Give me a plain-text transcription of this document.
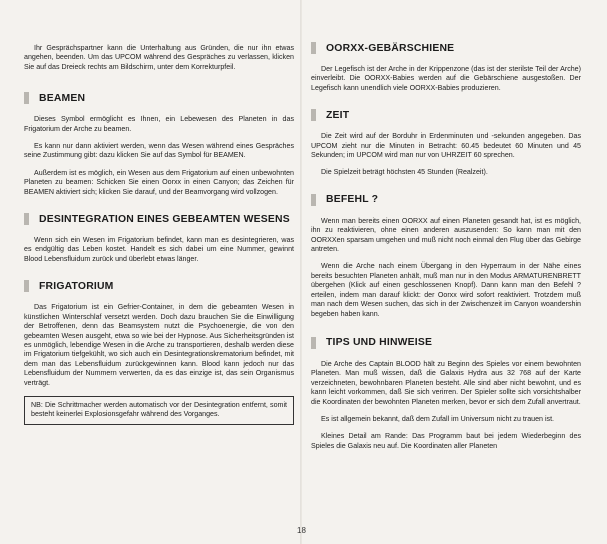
Ihr Gesprächspartner kann die Unterhaltung aus Gründen, die nur ihn etwas angehen, beenden. Um das UPCOM während des Gespräches zu verlassen, klicken Sie auf das Dreieck rechts am Bildschirm, unter dem Korrekturpfeil.

BEAMEN

Dieses Symbol ermöglicht es Ihnen, ein Lebewesen des Planeten in das Frigatorium der Arche zu beamen.

Es kann nur dann aktiviert werden, wenn das Wesen während eines Gespräches seine Zustimmung gibt: dazu klicken Sie auf das Symbol für BEAMEN.

Außerdem ist es möglich, ein Wesen aus dem Frigatorium auf einen unbewohnten Planeten zu beamen: Schicken Sie einen Oorxx in einen Canyon; das Zeichen für BEAMEN aktiviert sich; klicken Sie darauf, und der Beamvorgang wird vollzogen.

DESINTEGRATION EINES GEBEAMTEN WESENS

Wenn sich ein Wesen im Frigatorium befindet, kann man es desintegrieren, was es endgültig das Leben kostet. Handelt es sich dabei um eine Nummer, gewinnt Blood Lebensfluidum zurück und überlebt etwas länger.

FRIGATORIUM

Das Frigatorium ist ein Gefrier-Container, in dem die gebeamten Wesen in künstlichen Winterschlaf versetzt werden. Doch dazu brauchen Sie die Einwilligung der Betroffenen, denn das Beamsystem nutzt die Psychoenergie, die von den gebeamten Wesen ausgeht, etwa so wie bei der Hypnose. Aus Sicherheitsgründen ist es unmöglich, lebendige Wesen in die Arche zu transportieren, deshalb werden diese im Frigatorium tiefgekühlt, wo sich auch ein Desintegrationskrematorium befindet, mit dem man das Lebensfluidum zurückgewinnen kann. Blood kann jedoch nur das Lebensfluidum der Nummern verwerten, da es das einzige ist, das sein Organismus verträgt.

NB: Die Schrittmacher werden automatisch vor der Desintegration entfernt, somit besteht keinerlei Explosionsgefahr während des Vorganges.
OORXX-GEBÄRSCHIENE

Der Legefisch ist der Arche in der Krippenzone (das ist der sterilste Teil der Arche) einverleibt. Die OORXX-Babies werden auf die Gebärschiene ausgestoßen. Der Legefisch kann unendlich viele OORXX-Babies produzieren.

ZEIT

Die Zeit wird auf der Borduhr in Erdenminuten und -sekunden angegeben. Das UPCOM zieht nur die Minuten in Betracht: 60.45 bedeutet 60 Minuten und 45 Sekunden; im UPCOM wird man nur von UHRZEIT 60 sprechen.

Die Spielzeit beträgt höchsten 45 Stunden (Realzeit).

BEFEHL ?

Wenn man bereits einen OORXX auf einen Planeten gesandt hat, ist es möglich, ihn zu reaktivieren, ohne einen anderen auszusenden: So kann man mit den OORXXen sparsam umgehen und muß nicht noch einmal den Flug über das Gebirge antreten.

Wenn die Arche nach einem Übergang in den Hyperraum in der Nähe eines bereits besuchten Planeten anhält, muß man nur in den Modus ARMATURENBRETT übergehen (Klick auf einen geschlossenen Knopf). Dann kann man den Befehl ? erteilen, indem man darauf klickt: der Oorxx wird sofort reaktiviert. Trotzdem muß man nach dem Wesen suchen, das sich in der Zwischenzeit im Canyon woandershin begeben haben kann.

TIPS UND HINWEISE

Die Arche des Captain BLOOD hält zu Beginn des Spieles vor einem bewohnten Planeten. Man muß wissen, daß die Galaxis Hydra aus 32 768 auf der Karte verzeichneten, bewohnbaren Planeten besteht. Alle sind aber nicht bewohnt, und es kann leicht vorkommen, daß Sie sich verirren. Der Spieler sollte sich vorsichtshalber die Koordinaten der bewohnten Planeten merken, bevor er sich dem Zufall anvertraut.

Es ist allgemein bekannt, daß dem Zufall im Universum nicht zu trauen ist.

Kleines Detail am Rande: Das Programm baut bei jedem Wiederbeginn des Spieles die Galaxis neu auf. Die Koordinaten aller Planeten

18
